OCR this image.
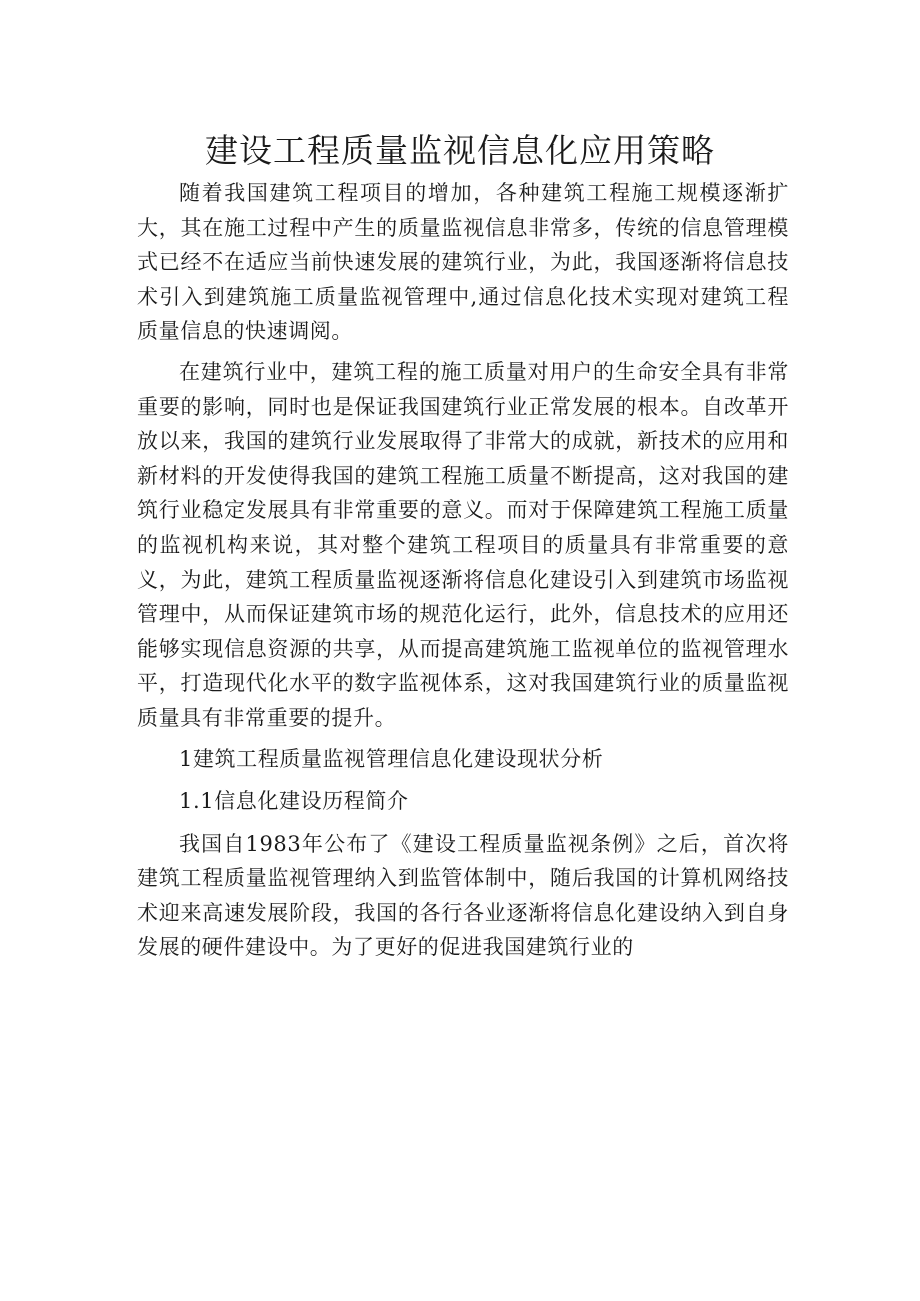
建设工程质量监视信息化应用策略

随着我国建筑工程项目的增加，各种建筑工程施工规模逐渐扩大，其在施工过程中产生的质量监视信息非常多，传统的信息管理模式已经不在适应当前快速发展的建筑行业，为此，我国逐渐将信息技术引入到建筑施工质量监视管理中,通过信息化技术实现对建筑工程质量信息的快速调阅。

在建筑行业中，建筑工程的施工质量对用户的生命安全具有非常重要的影响，同时也是保证我国建筑行业正常发展的根本。自改革开放以来，我国的建筑行业发展取得了非常大的成就，新技术的应用和新材料的开发使得我国的建筑工程施工质量不断提高，这对我国的建筑行业稳定发展具有非常重要的意义。而对于保障建筑工程施工质量的监视机构来说，其对整个建筑工程项目的质量具有非常重要的意义，为此，建筑工程质量监视逐渐将信息化建设引入到建筑市场监视管理中，从而保证建筑市场的规范化运行，此外，信息技术的应用还能够实现信息资源的共享，从而提高建筑施工监视单位的监视管理水平，打造现代化水平的数字监视体系，这对我国建筑行业的质量监视质量具有非常重要的提升。

1建筑工程质量监视管理信息化建设现状分析

1.1信息化建设历程简介

我国自1983年公布了《建设工程质量监视条例》之后，首次将建筑工程质量监视管理纳入到监管体制中，随后我国的计算机网络技术迎来高速发展阶段，我国的各行各业逐渐将信息化建设纳入到自身发展的硬件建设中。为了更好的促进我国建筑行业的
